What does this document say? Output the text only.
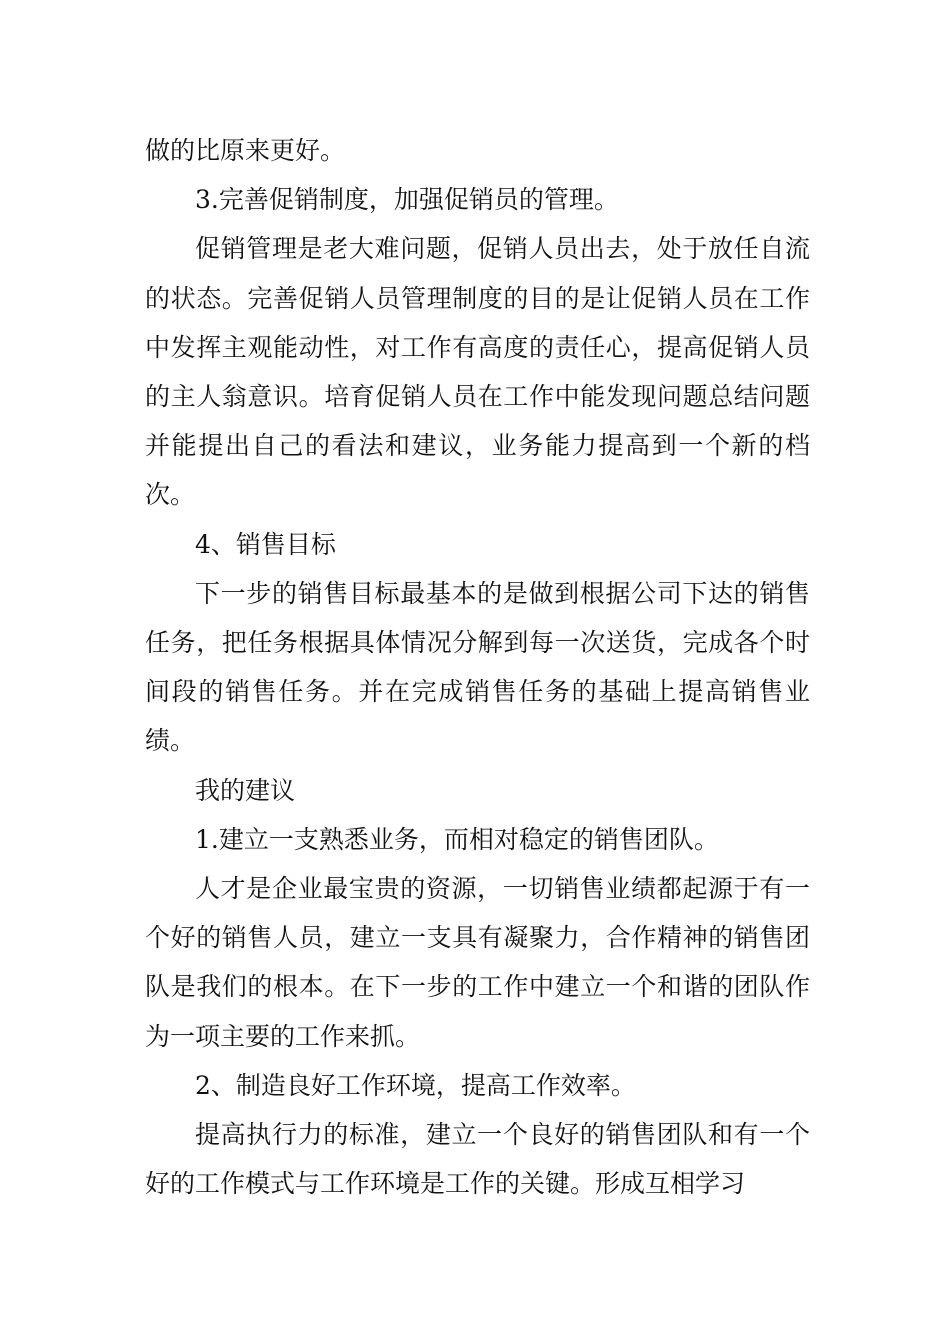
做的比原来更好。

3.完善促销制度，加强促销员的管理。

促销管理是老大难问题，促销人员出去，处于放任自流的状态。完善促销人员管理制度的目的是让促销人员在工作中发挥主观能动性，对工作有高度的责任心，提高促销人员的主人翁意识。培育促销人员在工作中能发现问题总结问题并能提出自己的看法和建议，业务能力提高到一个新的档次。

4、销售目标

下一步的销售目标最基本的是做到根据公司下达的销售任务，把任务根据具体情况分解到每一次送货，完成各个时间段的销售任务。并在完成销售任务的基础上提高销售业绩。

我的建议

1.建立一支熟悉业务，而相对稳定的销售团队。

人才是企业最宝贵的资源，一切销售业绩都起源于有一个好的销售人员，建立一支具有凝聚力，合作精神的销售团队是我们的根本。在下一步的工作中建立一个和谐的团队作为一项主要的工作来抓。

2、制造良好工作环境，提高工作效率。

提高执行力的标准，建立一个良好的销售团队和有一个好的工作模式与工作环境是工作的关键。形成互相学习
